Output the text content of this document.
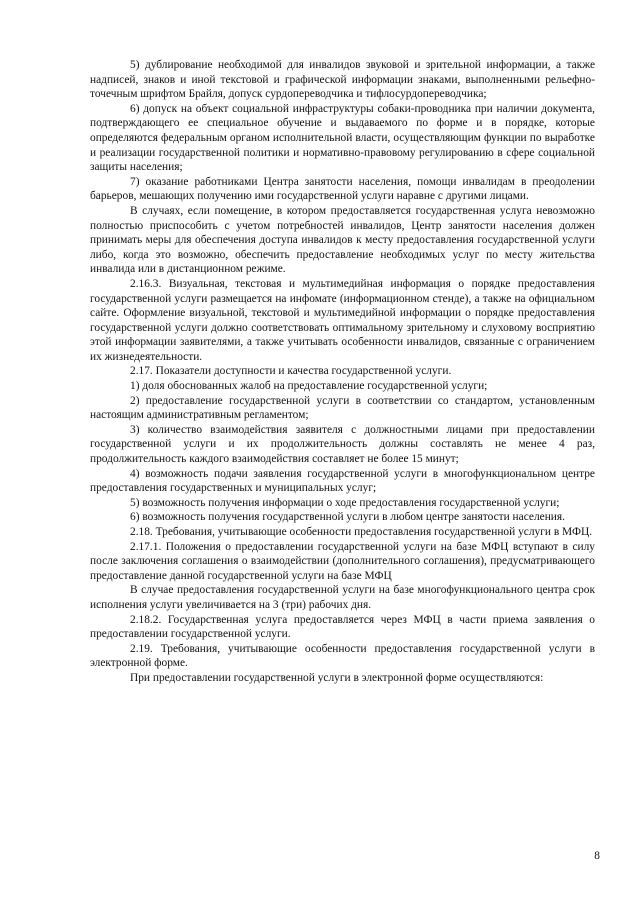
5) дублирование необходимой для инвалидов звуковой и зрительной информации, а также надписей, знаков и иной текстовой и графической информации знаками, выполненными рельефно-точечным шрифтом Брайля, допуск сурдопереводчика и тифлосурдопереводчика;

6) допуск на объект социальной инфраструктуры собаки-проводника при наличии документа, подтверждающего ее специальное обучение и выдаваемого по форме и в порядке, которые определяются федеральным органом исполнительной власти, осуществляющим функции по выработке и реализации государственной политики и нормативно-правовому регулированию в сфере социальной защиты населения;

7) оказание работниками Центра занятости населения, помощи инвалидам в преодолении барьеров, мешающих получению ими государственной услуги наравне с другими лицами.

В случаях, если помещение, в котором предоставляется государственная услуга невозможно полностью приспособить с учетом потребностей инвалидов, Центр занятости населения должен принимать меры для обеспечения доступа инвалидов к месту предоставления государственной услуги либо, когда это возможно, обеспечить предоставление необходимых услуг по месту жительства инвалида или в дистанционном режиме.

2.16.3. Визуальная, текстовая и мультимедийная информация о порядке предоставления государственной услуги размещается на инфомате (информационном стенде), а также на официальном сайте. Оформление визуальной, текстовой и мультимедийной информации о порядке предоставления государственной услуги должно соответствовать оптимальному зрительному и слуховому восприятию этой информации заявителями, а также учитывать особенности инвалидов, связанные с ограничением их жизнедеятельности.

2.17. Показатели доступности и качества государственной услуги.

1) доля обоснованных жалоб на предоставление государственной услуги;

2) предоставление государственной услуги в соответствии со стандартом, установленным настоящим административным регламентом;

3) количество взаимодействия заявителя с должностными лицами при предоставлении государственной услуги и их продолжительность должны составлять не менее 4 раз, продолжительность каждого взаимодействия составляет не более 15 минут;

4) возможность подачи заявления государственной услуги в многофункциональном центре предоставления государственных и муниципальных услуг;

5) возможность получения информации о ходе предоставления государственной услуги;

6) возможность получения государственной услуги в любом центре занятости населения.

2.18. Требования, учитывающие особенности предоставления государственной услуги в МФЦ.

2.17.1. Положения о предоставлении государственной услуги на базе МФЦ вступают в силу после заключения соглашения о взаимодействии (дополнительного соглашения), предусматривающего предоставление данной государственной услуги на базе МФЦ

В случае предоставления государственной услуги на базе многофункционального центра срок исполнения услуги увеличивается на 3 (три) рабочих дня.

2.18.2. Государственная услуга предоставляется через МФЦ в части приема заявления о предоставлении государственной услуги.

2.19. Требования, учитывающие особенности предоставления государственной услуги в электронной форме.

При предоставлении государственной услуги в электронной форме осуществляются:

8
